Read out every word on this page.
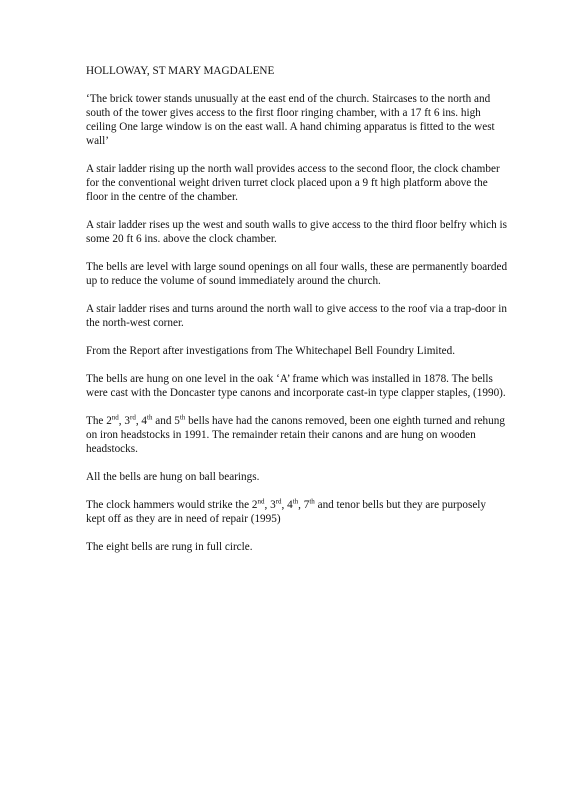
HOLLOWAY, ST MARY MAGDALENE

‘The brick tower stands unusually at the east end of the church. Staircases to the north and south of the tower gives access to the first floor ringing chamber, with a 17 ft 6 ins. high ceiling One large window is on the east wall. A hand chiming apparatus is fitted to the west wall’

A stair ladder rising up the north wall provides access to the second floor, the clock chamber for the conventional weight driven turret clock placed upon a 9 ft high platform above the floor in the centre of the chamber.

A stair ladder rises up the west and south walls to give access to the third floor belfry which is some 20 ft 6 ins. above the clock chamber.

The bells are level with large sound openings on all four walls, these are permanently boarded up to reduce the volume of sound immediately around the church.

A stair ladder rises and turns around the north wall to give access to the roof via a trap-door in the north-west corner.

From the Report after investigations from The Whitechapel Bell Foundry Limited.

The bells are hung on one level in the oak ‘A’ frame which was installed in 1878. The bells were cast with the Doncaster type canons and incorporate cast-in type clapper staples, (1990).

The 2nd, 3rd, 4th and 5th bells have had the canons removed, been one eighth turned and rehung on iron headstocks in 1991. The remainder retain their canons and are hung on wooden headstocks.

All the bells are hung on ball bearings.

The clock hammers would strike the 2nd, 3rd, 4th, 7th and tenor bells but they are purposely kept off as they are in need of repair (1995)

The eight bells are rung in full circle.
